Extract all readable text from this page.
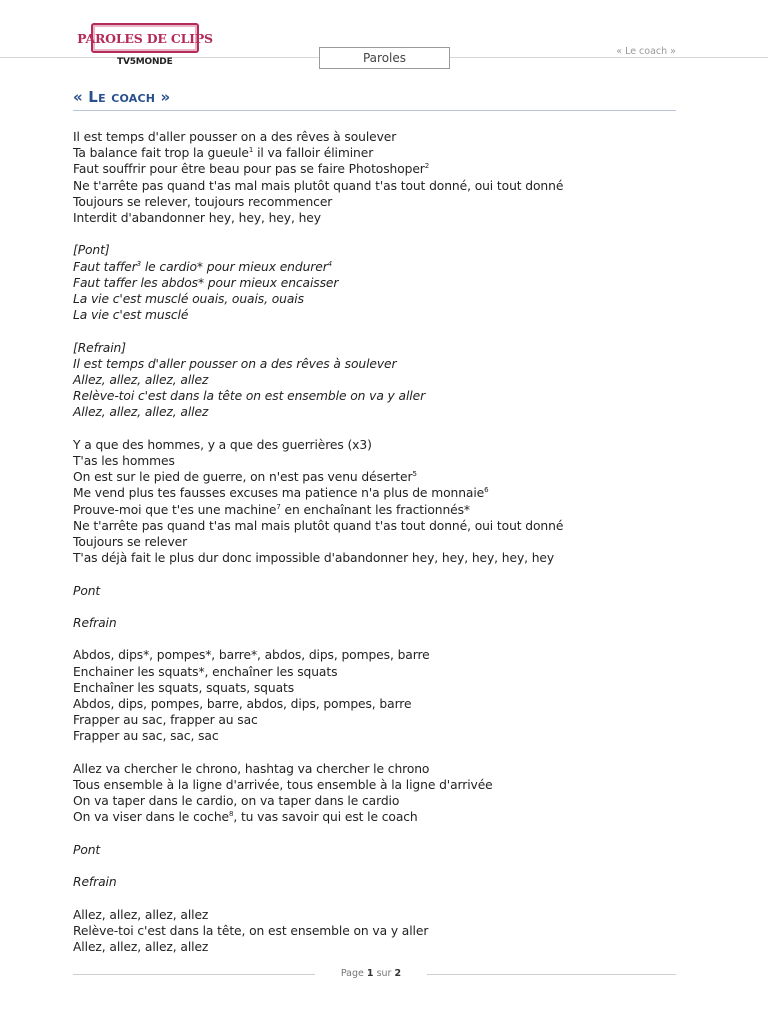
PAROLES DE CLIPS
TV5MONDE	Paroles	« Le coach »
« Le coach »
Il est temps d'aller pousser on a des rêves à soulever
Ta balance fait trop la gueule$^1$ il va falloir éliminer
Faut souffrir pour être beau pour pas se faire Photoshoper$^2$
Ne t'arrête pas quand t'as mal mais plutôt quand t'as tout donné, oui tout donné
Toujours se relever, toujours recommencer
Interdit d'abandonner hey, hey, hey, hey
[Pont]
Faut taffer$^3$ le cardio* pour mieux endurer$^4$
Faut taffer les abdos* pour mieux encaisser
La vie c'est musclé ouais, ouais, ouais
La vie c'est musclé
[Refrain]
Il est temps d'aller pousser on a des rêves à soulever
Allez, allez, allez, allez
Relève-toi c'est dans la tête on est ensemble on va y aller
Allez, allez, allez, allez
Y a que des hommes, y a que des guerrières (x3)
T'as les hommes
On est sur le pied de guerre, on n'est pas venu déserter$^5$
Me vend plus tes fausses excuses ma patience n'a plus de monnaie$^6$
Prouve-moi que t'es une machine$^7$ en enchaînant les fractionnés*
Ne t'arrête pas quand t'as mal mais plutôt quand t'as tout donné, oui tout donné
Toujours se relever
T'as déjà fait le plus dur donc impossible d'abandonner hey, hey, hey, hey, hey
Pont
Refrain
Abdos, dips*, pompes*, barre*, abdos, dips, pompes, barre
Enchainer les squats*, enchaîner les squats
Enchaîner les squats, squats, squats
Abdos, dips, pompes, barre, abdos, dips, pompes, barre
Frapper au sac, frapper au sac
Frapper au sac, sac, sac
Allez va chercher le chrono, hashtag va chercher le chrono
Tous ensemble à la ligne d'arrivée, tous ensemble à la ligne d'arrivée
On va taper dans le cardio, on va taper dans le cardio
On va viser dans le coche$^8$, tu vas savoir qui est le coach
Pont
Refrain
Allez, allez, allez, allez
Relève-toi c'est dans la tête, on est ensemble on va y aller
Allez, allez, allez, allez
Page 1 sur 2
